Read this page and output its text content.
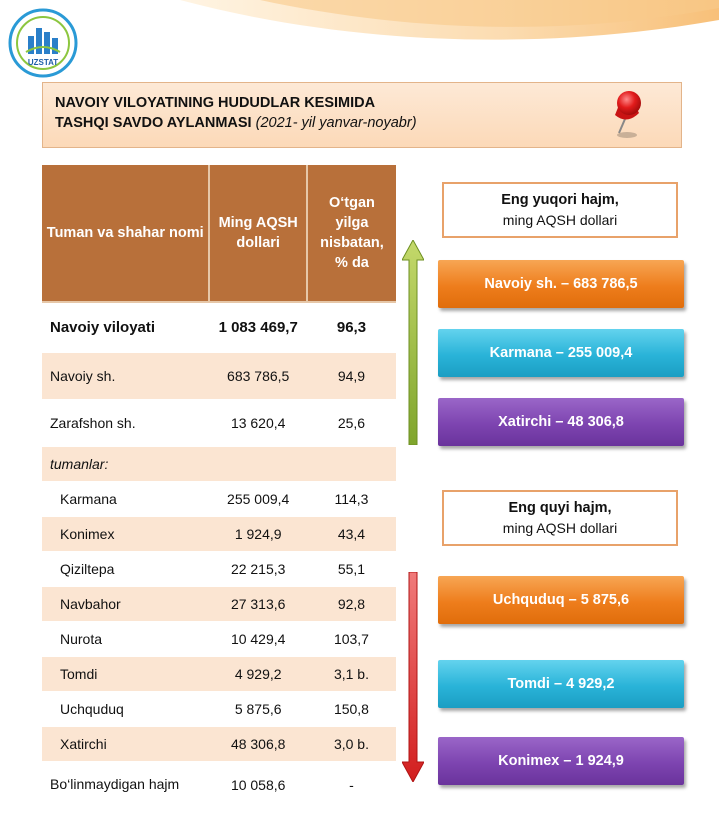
UZSTAT
NAVOIY VILOYATINING HUDUDLAR KESIMIDA
TASHQI SAVDO AYLANMASI (2021- yil yanvar-noyabr)
Tuman va shahar nomi	Ming AQSH dollari	O‘tgan yilga nisbatan, % da
Navoiy viloyati	1 083 469,7	96,3
Navoiy sh.	683 786,5	94,9
Zarafshon sh.	13 620,4	25,6
tumanlar:		
Karmana	255 009,4	114,3
Konimex	1 924,9	43,4
Qiziltepa	22 215,3	55,1
Navbahor	27 313,6	92,8
Nurota	10 429,4	103,7
Tomdi	4 929,2	3,1 b.
Uchquduq	5 875,6	150,8
Xatirchi	48 306,8	3,0 b.
Bo‘linmaydigan hajm	10 058,6	-
Eng yuqori hajm,
ming AQSH dollari
Navoiy sh. – 683 786,5
Karmana – 255 009,4
Xatirchi – 48 306,8
Eng quyi hajm,
ming AQSH dollari
Uchquduq – 5 875,6
Tomdi – 4 929,2
Konimex – 1 924,9
